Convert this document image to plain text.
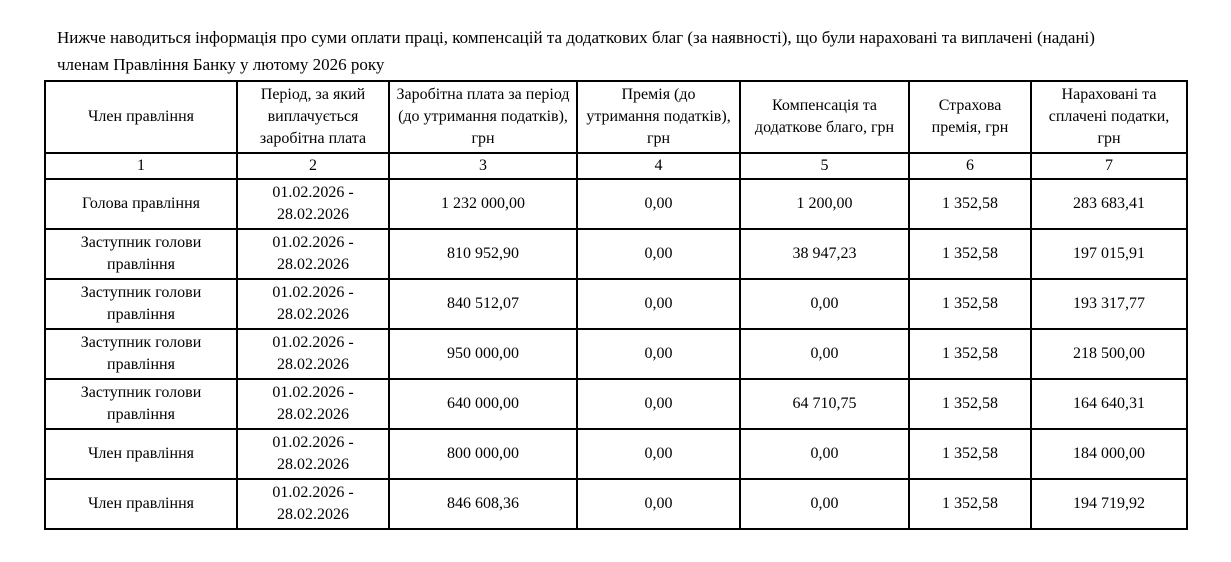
Нижче наводиться інформація про суми оплати праці, компенсацій та додаткових благ (за наявності), що були нараховані та виплачені (надані) членам Правління Банку у лютому 2026 року

Член правління	Період, за який виплачується заробітна плата	Заробітна плата за період (до утримання податків), грн	Премія (до утримання податків), грн	Компенсація та додаткове благо, грн	Страхова премія, грн	Нараховані та сплачені податки, грн
1	2	3	4	5	6	7
Голова правління	01.02.2026 - 28.02.2026	1 232 000,00	0,00	1 200,00	1 352,58	283 683,41
Заступник голови правління	01.02.2026 - 28.02.2026	810 952,90	0,00	38 947,23	1 352,58	197 015,91
Заступник голови правління	01.02.2026 - 28.02.2026	840 512,07	0,00	0,00	1 352,58	193 317,77
Заступник голови правління	01.02.2026 - 28.02.2026	950 000,00	0,00	0,00	1 352,58	218 500,00
Заступник голови правління	01.02.2026 - 28.02.2026	640 000,00	0,00	64 710,75	1 352,58	164 640,31
Член правління	01.02.2026 - 28.02.2026	800 000,00	0,00	0,00	1 352,58	184 000,00
Член правління	01.02.2026 - 28.02.2026	846 608,36	0,00	0,00	1 352,58	194 719,92
